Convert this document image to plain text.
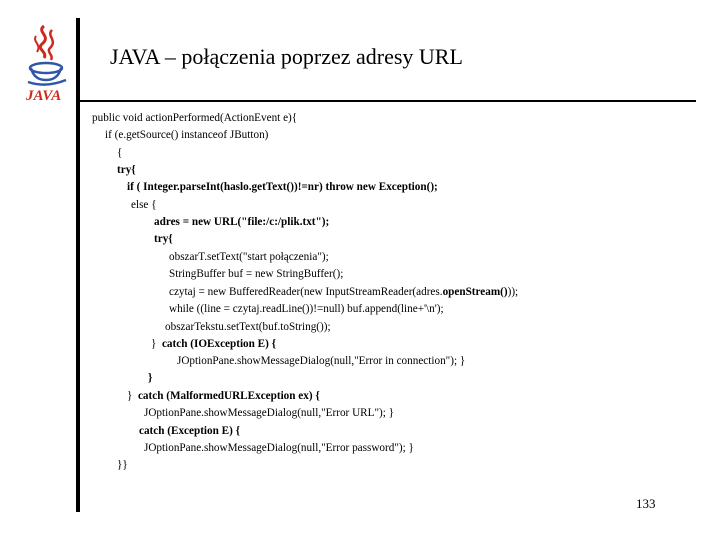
JAVA
JAVA – połączenia poprzez adresy URL
public void actionPerformed(ActionEvent e){
if (e.getSource() instanceof JButton)
{
try{
if ( Integer.parseInt(haslo.getText())!=nr) throw new Exception();
else {
adres = new URL("file:/c:/plik.txt");
try{
obszarT.setText("start połączenia");
StringBuffer buf = new StringBuffer();
czytaj = new BufferedReader(new InputStreamReader(adres.openStream()));
while ((line = czytaj.readLine())!=null) buf.append(line+'\n');
obszarTekstu.setText(buf.toString());
} catch (IOException E) {
JOptionPane.showMessageDialog(null,"Error in connection"); }
}
} catch (MalformedURLException ex) {
JOptionPane.showMessageDialog(null,"Error URL"); }
catch (Exception E) {
JOptionPane.showMessageDialog(null,"Error password"); }
}}
133
